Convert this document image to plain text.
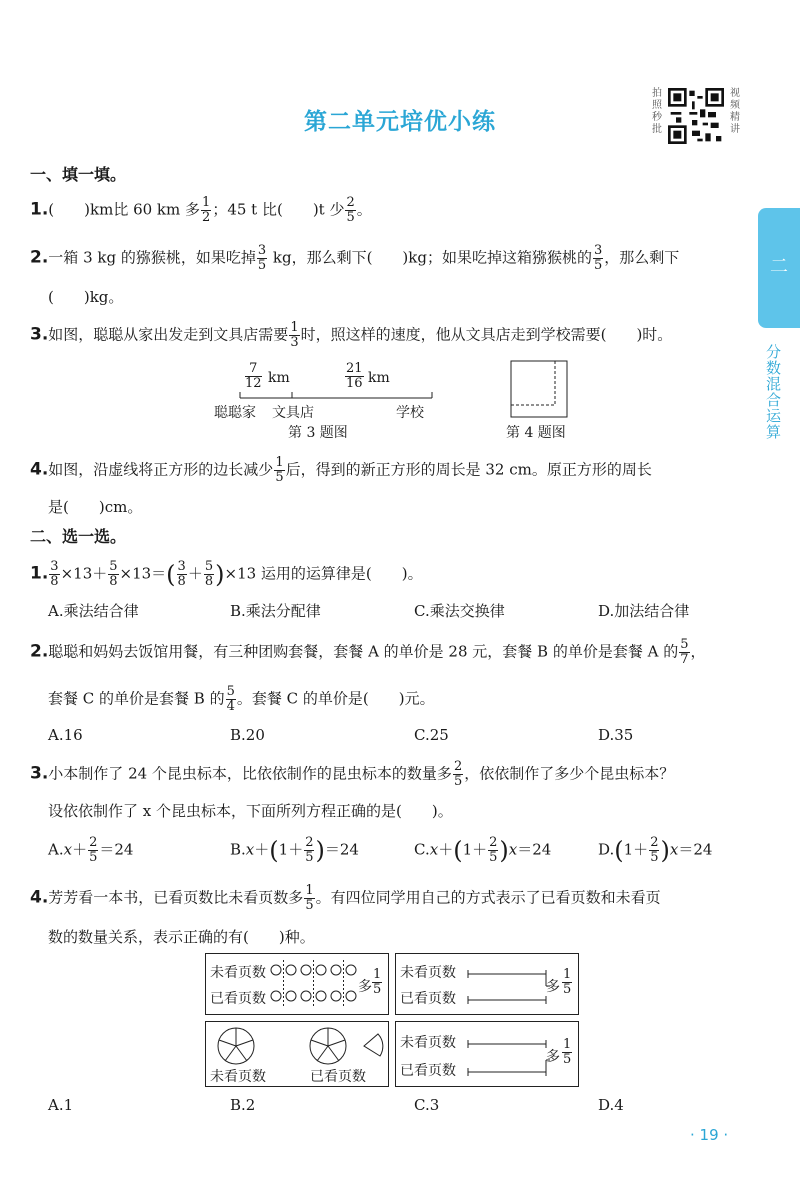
第二单元培优小练
拍照秒批
视频精讲
二
分数混合运算
一、填一填。
1.(　　)km比 60 km 多 $\frac{1}{2}$ ；45 t 比(　　)t 少 $\frac{2}{5}$ 。
2.一箱 3 kg 的猕猴桃，如果吃掉 $\frac{3}{5}$ kg，那么剩下(　　)kg；如果吃掉这箱猕猴桃的 $\frac{3}{5}$ ，那么剩下
(　　)kg。
3.如图，聪聪从家出发走到文具店需要 $\frac{1}{3}$ 时，照这样的速度，他从文具店走到学校需要(　　)时。
$\frac{7}{12}$ km	$\frac{21}{16}$ km
聪聪家 文具店	学校
第 3 题图	第 4 题图
4.如图，沿虚线将正方形的边长减少 $\frac{1}{5}$ 后，得到的新正方形的周长是 32 cm。原正方形的周长
是(　　)cm。
二、选一选。
1. $\frac{3}{8} \times 13+ \frac{5}{8} \times 13=( \frac{3}{8} + \frac{5}{8} )\times 13$ 运用的运算律是(　　)。
A.乘法结合律	B.乘法分配律	C.乘法交换律	D.加法结合律
2.聪聪和妈妈去饭馆用餐，有三种团购套餐，套餐 A 的单价是 28 元，套餐 B 的单价是套餐 A 的 $\frac{5}{7}$ ，
套餐 C 的单价是套餐 B 的 $\frac{5}{4}$ 。套餐 C 的单价是(　　)元。
A.16	B.20	C.25	D.35
3.小本制作了 24 个昆虫标本，比依依制作的昆虫标本的数量多 $\frac{2}{5}$ ，依依制作了多少个昆虫标本？
设依依制作了 x 个昆虫标本，下面所列方程正确的是(　　)。
$A.x+ \frac{2}{5} =24$	$B.x+(1+ \frac{2}{5} )=24$	$C.x+(1+ \frac{2}{5} )x=24$	$D.(1+ \frac{2}{5} )x=24$
4.芳芳看一本书，已看页数比未看页数多 $\frac{1}{5}$ 。有四位同学用自己的方式表示了已看页数和未看页
数的数量关系，表示正确的有(　　)种。
未看页数
已看页数
多 $\frac{1}{5}$ 未看页数
已看页数
多 $\frac{1}{5}$
未看页数	已看页数
未看页数
已看页数
多 $\frac{1}{5}$
A.1	B.2	C.3	D.4
· 19 ·
